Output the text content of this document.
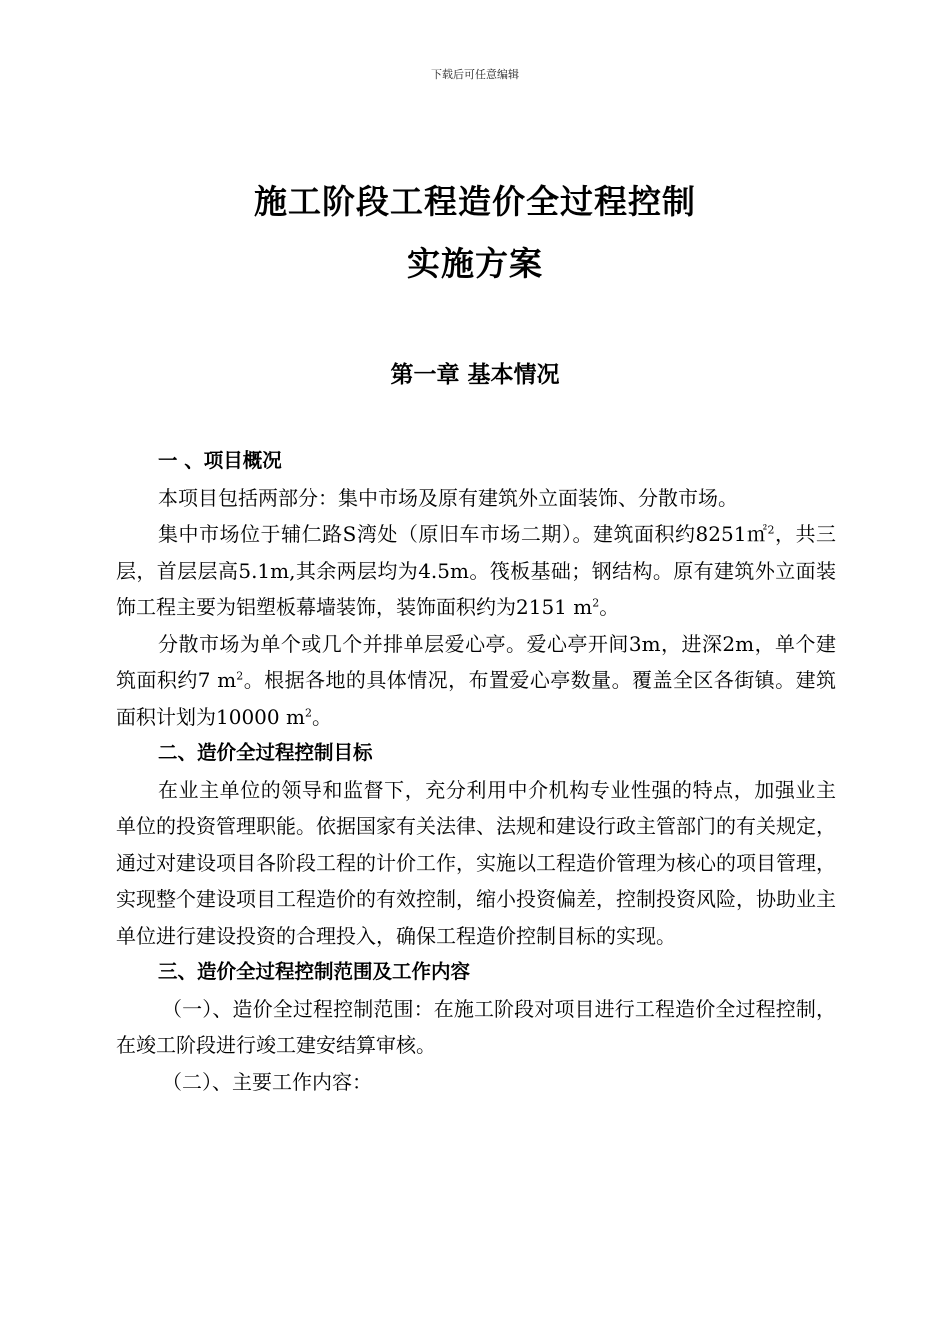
下载后可任意编辑
施工阶段工程造价全过程控制
实施方案
第一章 基本情况

一 、项目概况

本项目包括两部分：集中市场及原有建筑外立面装饰、分散市场。

集中市场位于辅仁路S湾处（原旧车市场二期）。建筑面积约8251㎡$^2$，共三层，首层层高5.1m,其余两层均为4.5m。筏板基础；钢结构。原有建筑外立面装饰工程主要为铝塑板幕墙装饰，装饰面积约为2151 $m^2$。

分散市场为单个或几个并排单层爱心亭。爱心亭开间3m，进深2m，单个建筑面积约7 $m^2$。根据各地的具体情况，布置爱心亭数量。覆盖全区各街镇。建筑面积计划为10000 $m^2$。

二、造价全过程控制目标

在业主单位的领导和监督下，充分利用中介机构专业性强的特点，加强业主单位的投资管理职能。依据国家有关法律、法规和建设行政主管部门的有关规定，通过对建设项目各阶段工程的计价工作，实施以工程造价管理为核心的项目管理，实现整个建设项目工程造价的有效控制，缩小投资偏差，控制投资风险，协助业主单位进行建设投资的合理投入，确保工程造价控制目标的实现。

三、造价全过程控制范围及工作内容

（一）、造价全过程控制范围：在施工阶段对项目进行工程造价全过程控制，在竣工阶段进行竣工建安结算审核。

（二）、主要工作内容：
